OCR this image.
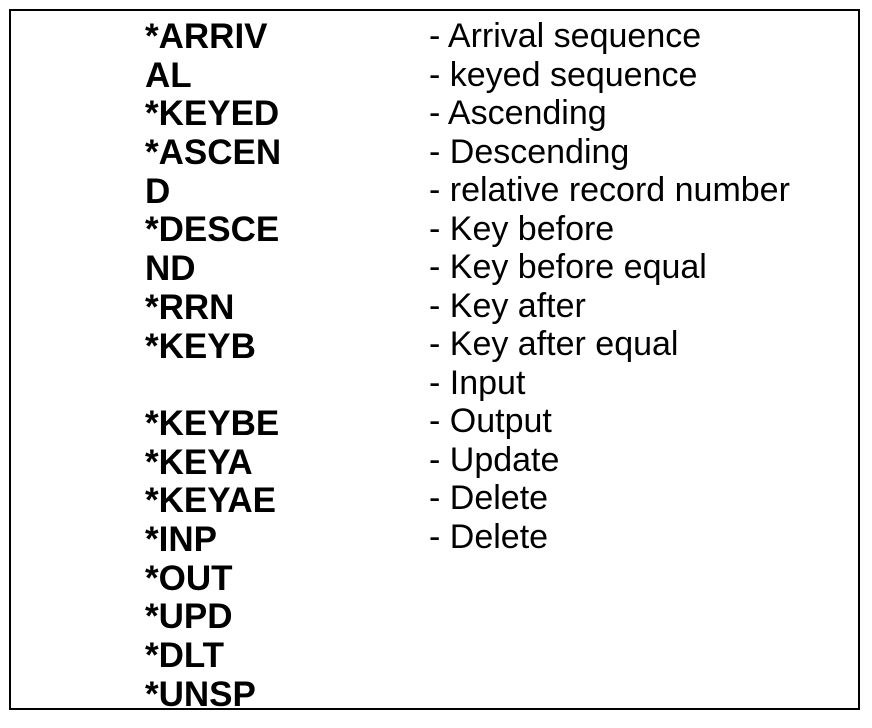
*ARRIV
AL
*KEYED
*ASCEN
D
*DESCE
ND
*RRN
*KEYB
*KEYBE
*KEYA
*KEYAE
*INP
*OUT
*UPD
*DLT
*UNSP
- Arrival sequence
- keyed sequence
- Ascending
- Descending
- relative record number
- Key before
- Key before equal
- Key after
- Key after equal
- Input
- Output
- Update
- Delete
- Delete
